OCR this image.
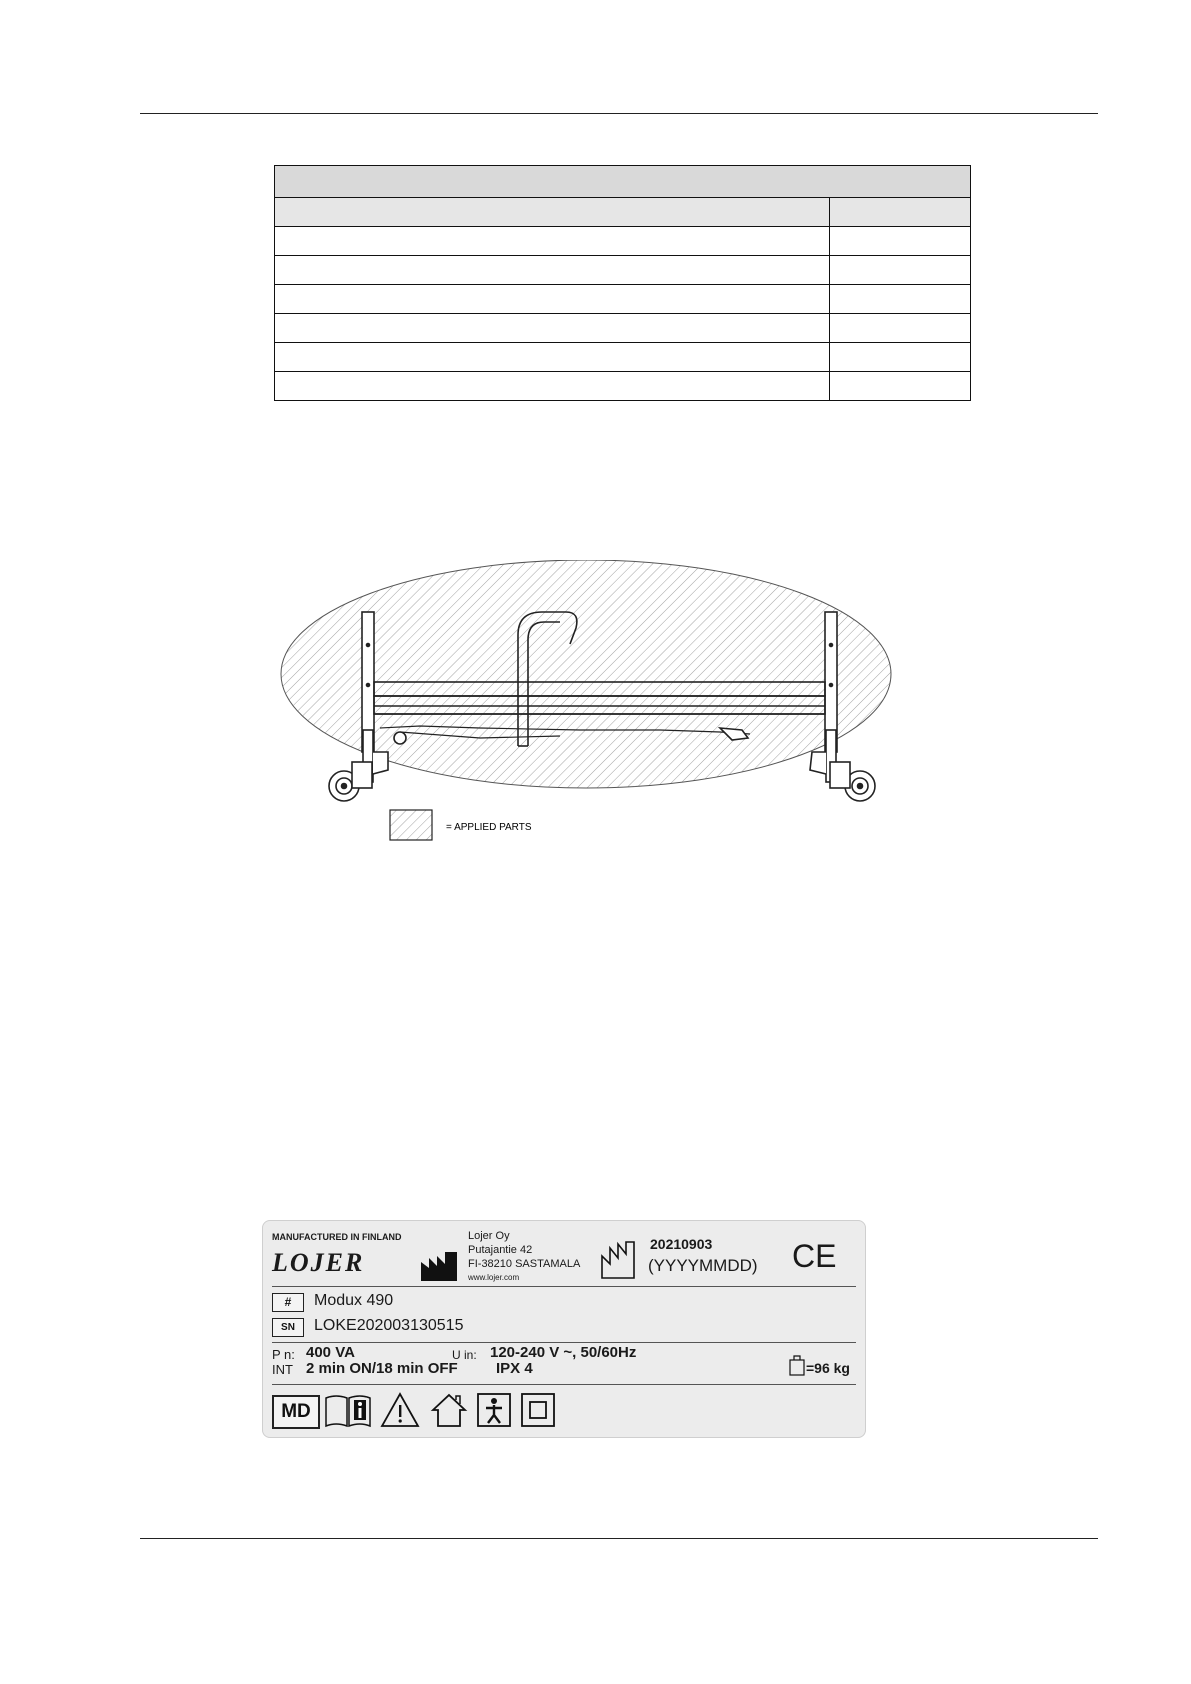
= APPLIED PARTS
MANUFACTURED IN FINLAND
LOJER
Lojer Oy
Putajantie 42
FI-38210 SASTAMALA
www.lojer.com
20210903
(YYYYMMDD) CE
#	Modux 490
SN	LOKE202003130515
P n: 400 VA	U in: 120-240 V ~, 50/60Hz
INT 2 min ON/18 min OFF	IPX 4	=96 kg
MD
